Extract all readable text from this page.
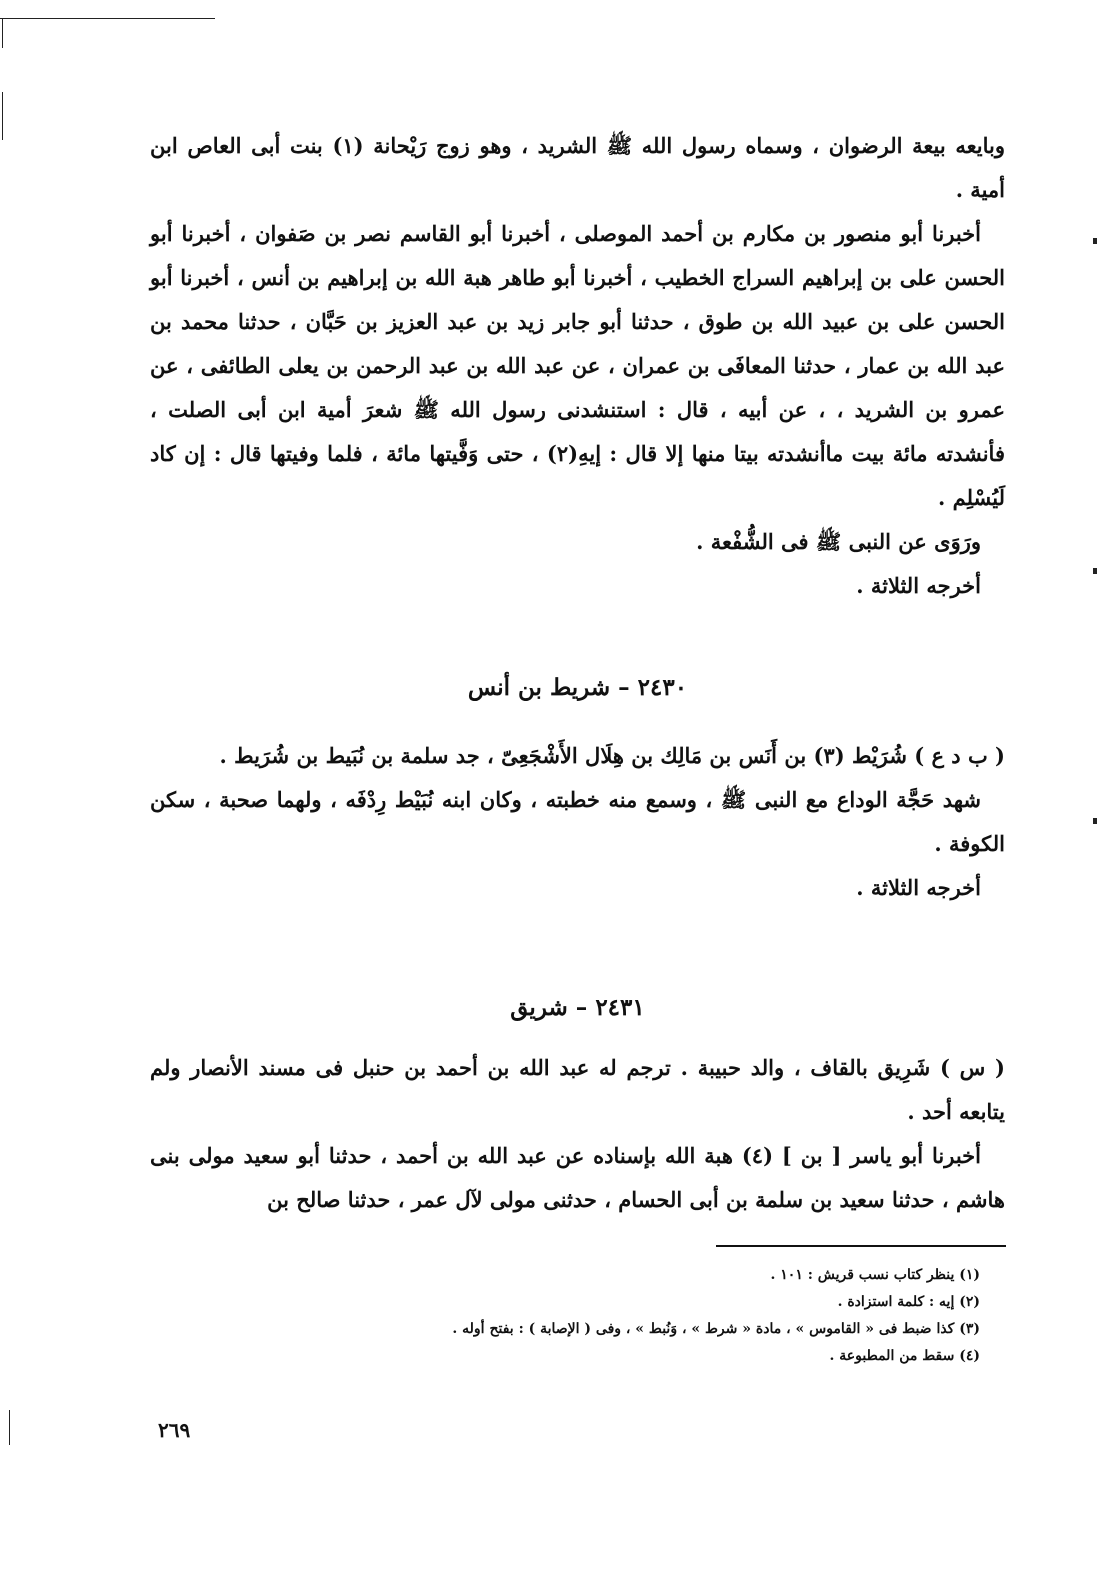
وبايعه بيعة الرضوان ، وسماه رسول الله ﷺ الشريد ، وهو زوج رَيْحانة (١) بنت أبى العاص ابن أمية .

أخبرنا أبو منصور بن مكارم بن أحمد الموصلى ، أخبرنا أبو القاسم نصر بن صَفوان ، أخبرنا أبو الحسن على بن إبراهيم السراج الخطيب ، أخبرنا أبو طاهر هبة الله بن إبراهيم بن أنس ، أخبرنا أبو الحسن على بن عبيد الله بن طوق ، حدثنا أبو جابر زيد بن عبد العزيز بن حَبَّان ، حدثنا محمد بن عبد الله بن عمار ، حدثنا المعافَى بن عمران ، عن عبد الله بن عبد الرحمن بن يعلى الطائفى ، عن عمرو بن الشريد ، ، عن أبيه ، قال : استنشدنى رسول الله ﷺ شعرَ أمية ابن أبى الصلت ، فأنشدته مائة بيت ماأنشدته بيتا منها إلا قال : إيهِ(٢) ، حتى وَفَّيتها مائة ، فلما وفيتها قال : إن كاد لَيُسْلِم .

ورَوَى عن النبى ﷺ فى الشُّفْعة .

أخرجه الثلاثة .

٢٤٣٠ – شريط بن أنس

( ب د ع ) شُرَيْط (٣) بن أَنَس بن مَالِك بن هِلَال الأَشْجَعِىّ ، جد سلمة بن نُبَيط بن شُرَيط .

شهد حَجَّة الوداع مع النبى ﷺ ، وسمع منه خطبته ، وكان ابنه نُبَيْط رِدْفَه ، ولهما صحبة ، سكن الكوفة .

أخرجه الثلاثة .

٢٤٣١ – شريق

( س ) شَرِيق بالقاف ، والد حبيبة . ترجم له عبد الله بن أحمد بن حنبل فى مسند الأنصار ولم يتابعه أحد .

أخبرنا أبو ياسر [ بن ] (٤) هبة الله بإسناده عن عبد الله بن أحمد ، حدثنا أبو سعيد مولى بنى هاشم ، حدثنا سعيد بن سلمة بن أبى الحسام ، حدثنى مولى لآل عمر ، حدثنا صالح بن

(١) ينظر كتاب نسب قريش : ١٠١ .

(٢) إيه : كلمة استزادة .

(٣) كذا ضبط فى « القاموس » ، مادة « شرط » ، وَنُبط » ، وفى ( الإصابة ) : بفتح أوله .

(٤) سقط من المطبوعة .

٢٦٩
